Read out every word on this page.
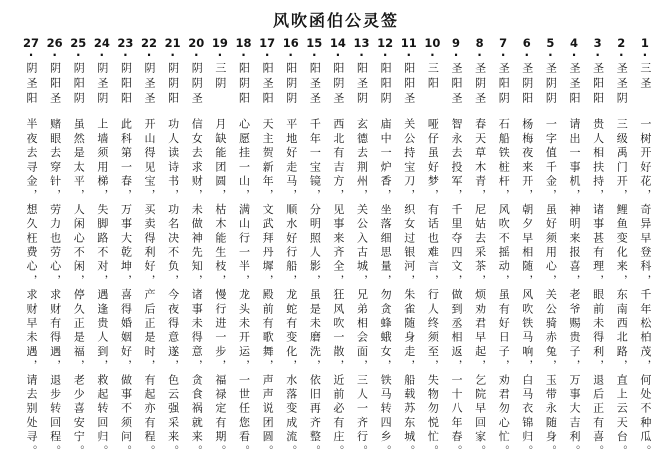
风吹函伯公灵签
27
·
阴圣阳
半夜去寻金，想久枉费心，求财早未遇，请去别处寻。
26
·
阴阳圣
赌眼去穿针，劳力也劳心，求财有得遇，退步转回程。
25
·
阴阳阴
虽然是太平，人闲心不闲，停久正是福，老少喜安宁。
24
·
阴圣阴
上墙须用梯，失脚路不对，遇逢贵人到，救起转回归。
23
·
阴阳阳
此科第一春，万事大乾坤，喜得婚姻好，做事不须问。
22
·
阴圣圣
开山得见宝，买卖得利好，产后正是时，有起亦有程。
21
·
阴阴阳
功人读诗书，功名决不负，今夜得意遂，色云强采来。
20
·
阴阴圣
信女去求财，未做神先知，诸事未得意，贪食祸就来。
19
·
三阴
月缺能团圆，枯木能生枝，慢行进一步，福禄定有期。
18
·
阳阴阳
心愿挂一山，满山行一半，龙头未开运，一世任您看。
17
·
阳圣阳
天主贺新年，文武拜丹墀，殿前有歌舞，声声说团圆。
16
·
阳阴阴
平地好走马，顺水好行船，龙蛇有变化，水落变成流。
15
·
阳圣圣
千年一宝镜，分明照人影，虽是未磨洗，依旧再齐整。
14
·
阳阴圣
西北有吉方，见事来齐全，狂风吹一散，近前必有庄。
13
·
阳圣阴
玄德去荆州，关公入古城，兄弟相会面，三人一齐行。
12
·
阳阳阴
庙中一炉香，坐落细思量，勿贪蜂蛾女，铁马转四乡。
11
·
阳阳圣
关公持宝刀，织女过银河，朱雀随身走，船载苏东城。
10
·
三阳
哑仔虽好梦，有话也难言，行人终须至，失物勿悦忙。
9
·
圣阳圣
智永去投军，千里夺四文，做到丞相返，一十八年春。
8
·
圣阴圣
春天草木青，尼姑去采茶，烦劝君早起，乞院早回家。
7
·
圣阳阴
石船铁桩杆，风吹不摇动，虽有好日子，劝君勿心忙。
6
·
圣阴阳
杨梅夜来开，朝夕早相随，风吹铁马响，白马衣锦归。
5
·
圣阴阴
一字值千金，虽好须用心，关公骑赤兔，玉带永随身。
4
·
圣圣阳
请出一事机，神明来报喜，老爷赐贵子，万事大吉利。
3
·
圣阳阳
贵人相扶持，诸事甚有理，眼前未得利，退后正有喜。
2
·
圣圣阴
三级禹门开，鲤鱼变化来，东南西北路，直上云天台。
1
·
三圣
一树开好花，奇异早登科，千年松柏茂，何处不种瓜。
